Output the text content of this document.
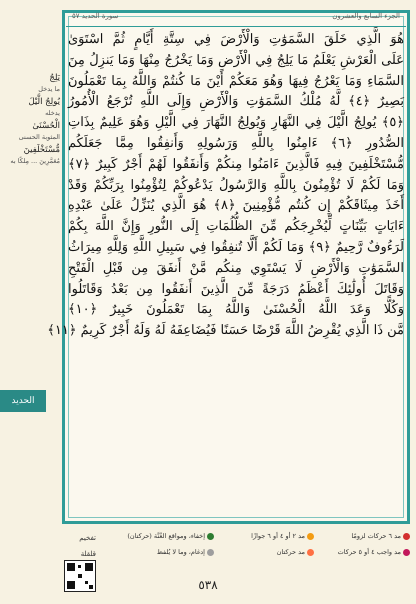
سورة الحديد ٥٧	الجزء السابع والعشرون
هُوَ الَّذِي خَلَقَ السَّمَوَٰتِ وَالْأَرْضَ فِي سِتَّةِ أَيَّامٍ ثُمَّ اسْتَوَىٰ
عَلَى الْعَرْشِ يَعْلَمُ مَا يَلِجُ فِي الْأَرْضِ وَمَا يَخْرُجُ مِنْهَا وَمَا يَنزِلُ مِنَ
السَّمَاءِ وَمَا يَعْرُجُ فِيهَا وَهُوَ مَعَكُمْ أَيْنَ مَا كُنتُمْ وَاللَّهُ بِمَا تَعْمَلُونَ
بَصِيرٌ ﴿٤﴾ لَّهُ مُلْكُ السَّمَوَٰتِ وَالْأَرْضِ وَإِلَى اللَّهِ تُرْجَعُ الْأُمُورُ
﴿٥﴾ يُولِجُ الَّيْلَ فِي النَّهَارِ وَيُولِجُ النَّهَارَ فِي الَّيْلِ وَهُوَ عَلِيمٌ بِذَاتِ
الصُّدُورِ ﴿٦﴾ ءَامِنُوا بِاللَّهِ وَرَسُولِهِ وَأَنفِقُوا مِمَّا جَعَلَكُم
مُّسْتَخْلَفِينَ فِيهِ فَالَّذِينَ ءَامَنُوا مِنكُمْ وَأَنفَقُوا لَهُمْ أَجْرٌ كَبِيرٌ ﴿٧﴾
وَمَا لَكُمْ لَا تُؤْمِنُونَ بِاللَّهِ وَالرَّسُولُ يَدْعُوكُمْ لِتُؤْمِنُوا بِرَبِّكُمْ وَقَدْ
أَخَذَ مِيثَاقَكُمْ إِن كُنتُم مُّؤْمِنِينَ ﴿٨﴾ هُوَ الَّذِي يُنَزِّلُ عَلَىٰ عَبْدِهِ
ءَايَاتٍ بَيِّنَاتٍ لِّيُخْرِجَكُم مِّنَ الظُّلُمَاتِ إِلَى النُّورِ وَإِنَّ اللَّهَ بِكُمْ
لَرَءُوفٌ رَّحِيمٌ ﴿٩﴾ وَمَا لَكُمْ أَلَّا تُنفِقُوا فِي سَبِيلِ اللَّهِ وَلِلَّهِ مِيرَاثُ
السَّمَوَٰتِ وَالْأَرْضِ لَا يَسْتَوِي مِنكُم مَّنْ أَنفَقَ مِن قَبْلِ الْفَتْحِ
وَقَاتَلَ أُولَٰئِكَ أَعْظَمُ دَرَجَةً مِّنَ الَّذِينَ أَنفَقُوا مِن بَعْدُ وَقَاتَلُوا
وَكُلًّا وَعَدَ اللَّهُ الْحُسْنَىٰ وَاللَّهُ بِمَا تَعْمَلُونَ خَبِيرٌ ﴿١٠﴾
مَّن ذَا الَّذِي يُقْرِضُ اللَّهَ قَرْضًا حَسَنًا فَيُضَاعِفَهُ لَهُ وَلَهُ أَجْرٌ كَرِيمٌ ﴿١١﴾
يَلِجُ
ما يدخل
يُولِجُ الَّيْلَ
يدخله
الْحُسْنَىٰ
المثوبة الحسنى
مُّسْتَخْلَفِينَ
مُعَمَّرِينَ ... مِلكًا به
الحديد
مد ٦ حركات لزومًا
مد ٢ أو ٤ أو ٦ جوازًا
إخفاء، ومواقع الغُنَّة (حركتان)
مد واجب ٤ أو ٥ حركات
مد حركتان
إدغام، وما لا يُلفظ
تفخيم
قلقلة
٥٣٨
